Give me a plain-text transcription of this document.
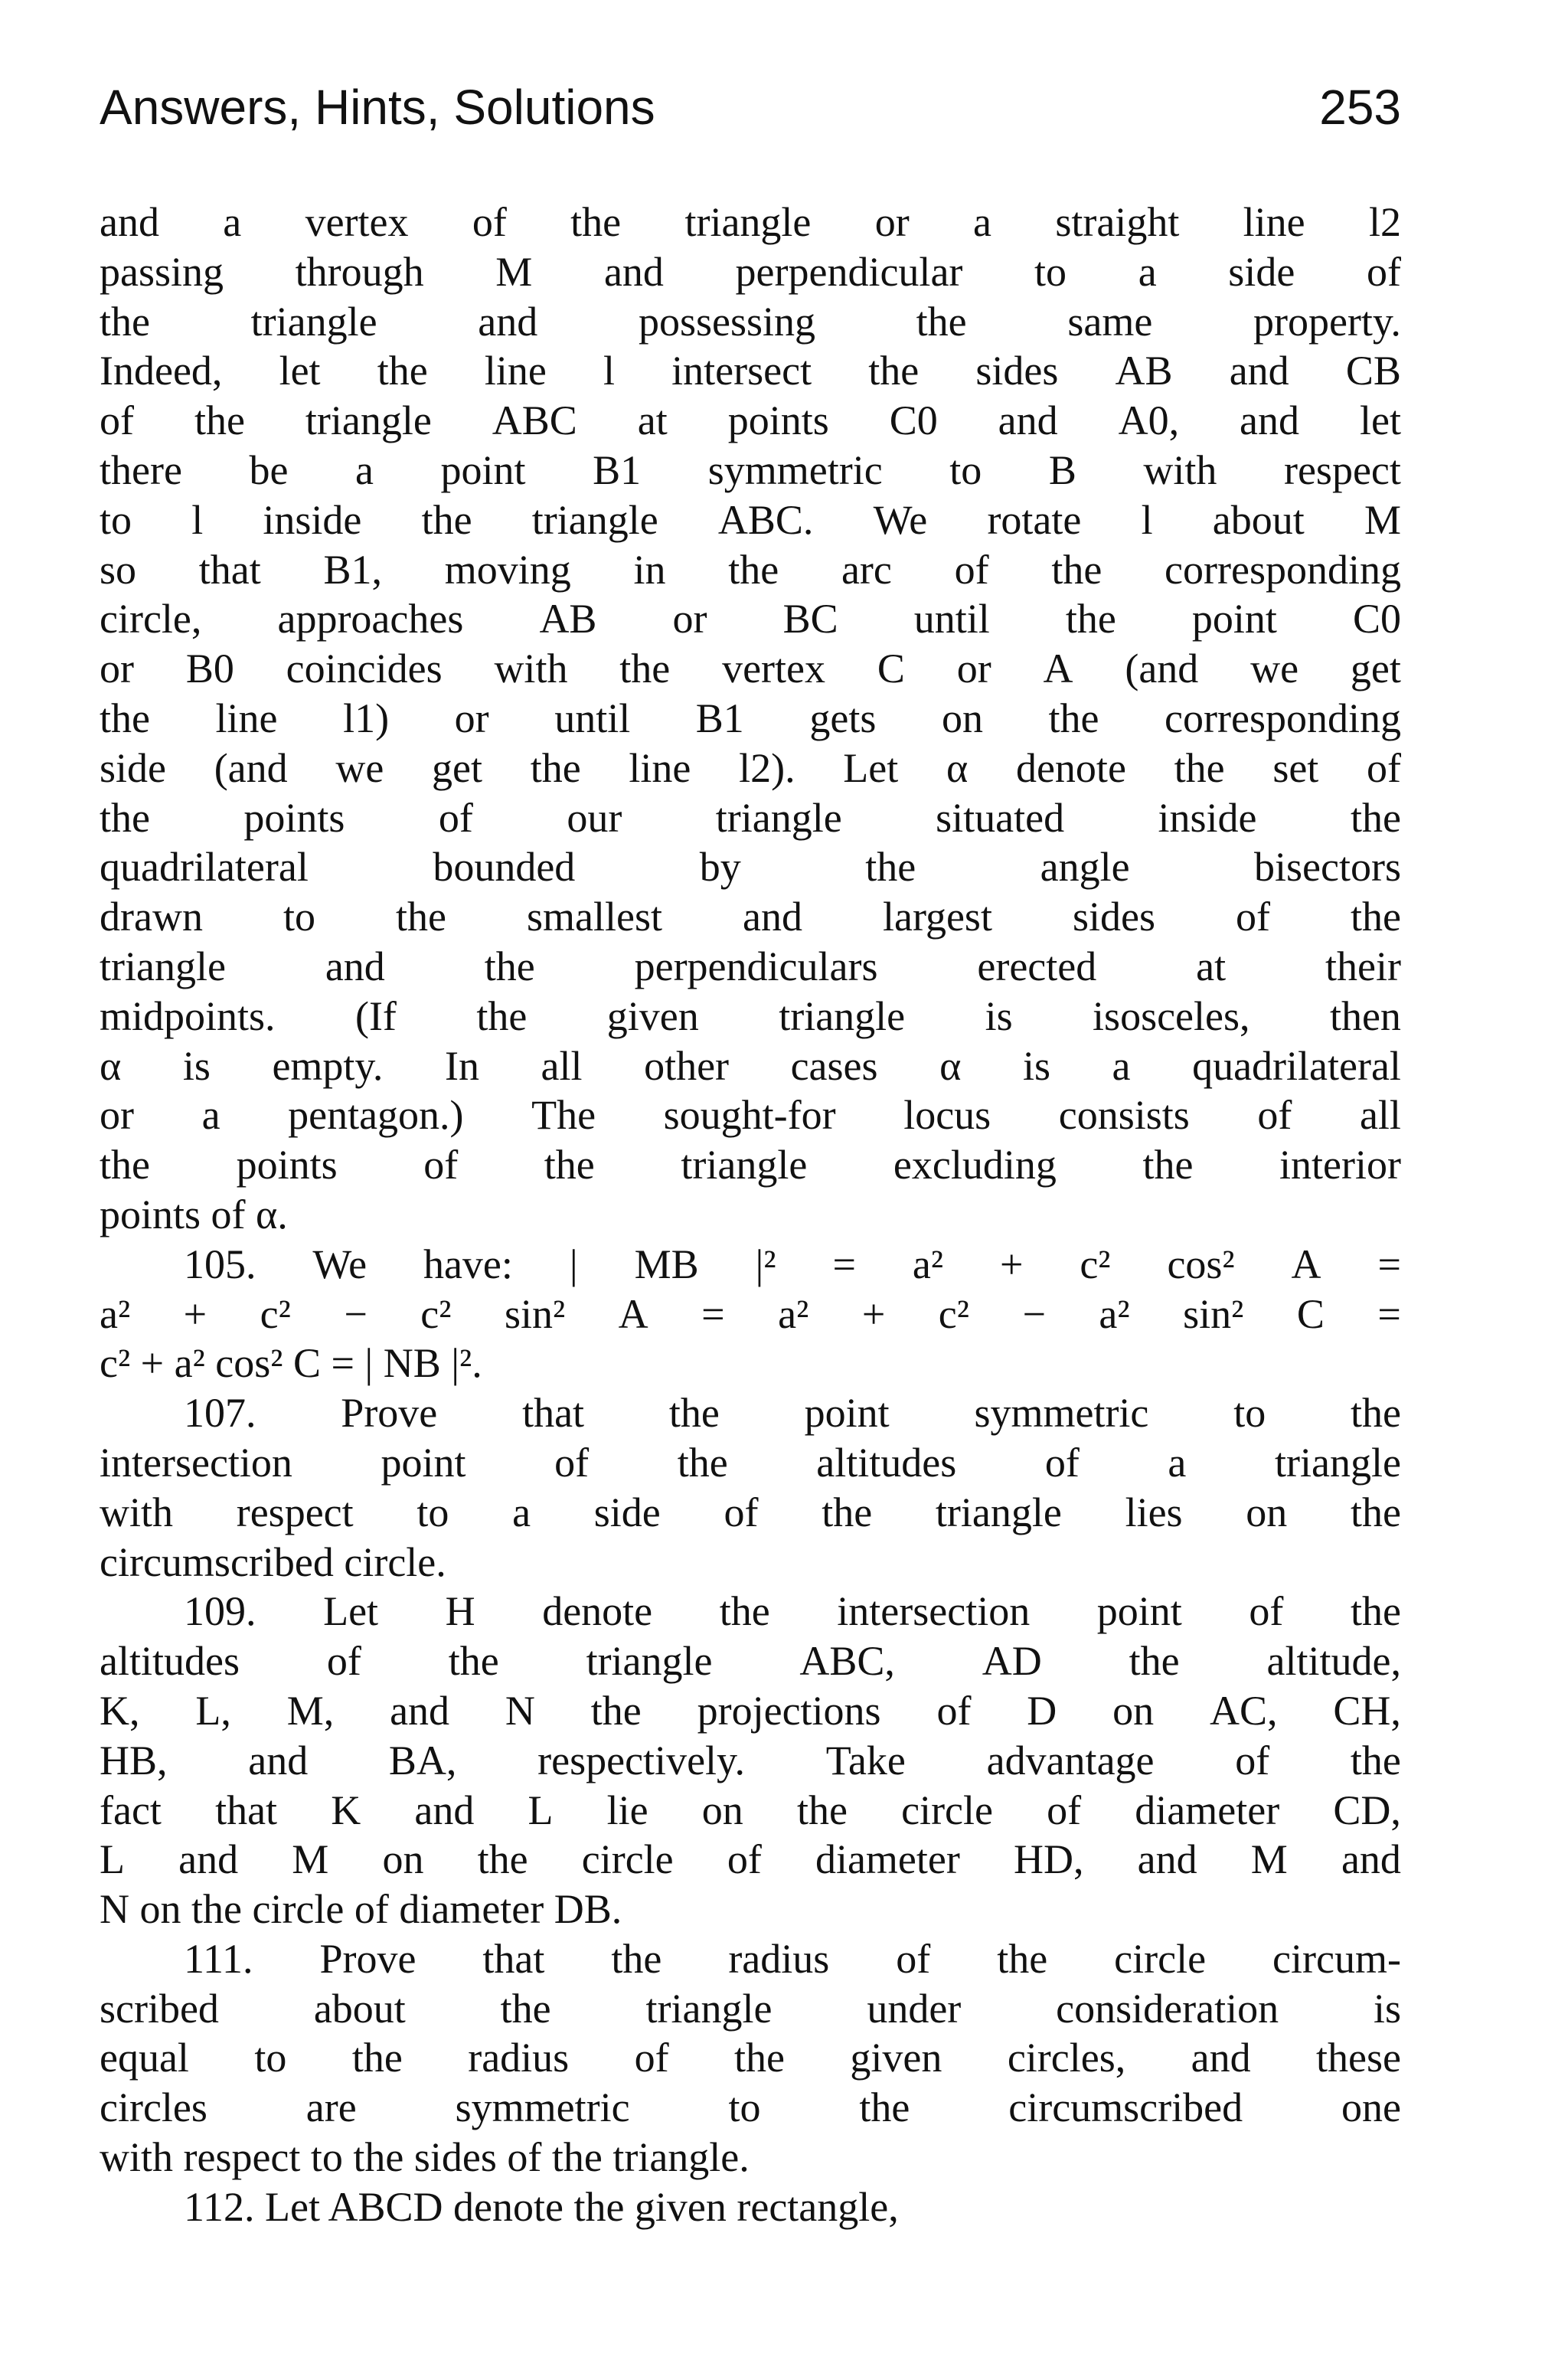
Answers, Hints, Solutions	253
and a vertex of the triangle or a straight line l2
passing through M and perpendicular to a side of
the triangle and possessing the same property.
Indeed, let the line l intersect the sides AB and CB
of the triangle ABC at points C0 and A0, and let
there be a point B1 symmetric to B with respect
to l inside the triangle ABC. We rotate l about M
so that B1, moving in the arc of the corresponding
circle, approaches AB or BC until the point C0
or B0 coincides with the vertex C or A (and we get
the line l1) or until B1 gets on the corresponding
side (and we get the line l2). Let α denote the set of
the points of our triangle situated inside the
quadrilateral	bounded	by	the	angle	bisectors
drawn to the smallest and largest sides of the
triangle and the perpendiculars erected at their
midpoints. (If the given triangle is isosceles, then
α is empty. In all other cases α is a quadrilateral
or a pentagon.) The sought-for locus consists of all
the points of the triangle excluding the interior
points of α.
105. We have: | MB |² = a² + c² cos² A =
a² + c² − c² sin² A = a² + c² − a² sin² C =
c² + a² cos² C = | NB |².
107. Prove that the point symmetric to the
intersection point of the altitudes of a triangle
with respect to a side of the triangle lies on the
circumscribed circle.
109. Let H denote the intersection point of the
altitudes of the triangle ABC, AD the altitude,
K, L, M, and N the projections of D on AC, CH,
HB, and BA, respectively. Take advantage of the
fact that K and L lie on the circle of diameter CD,
L and M on the circle of diameter HD, and M and
N on the circle of diameter DB.
111. Prove that the radius of the circle circum-
scribed about the triangle under consideration is
equal to the radius of the given circles, and these
circles are symmetric to the circumscribed one
with respect to the sides of the triangle.
112. Let ABCD denote the given rectangle,
